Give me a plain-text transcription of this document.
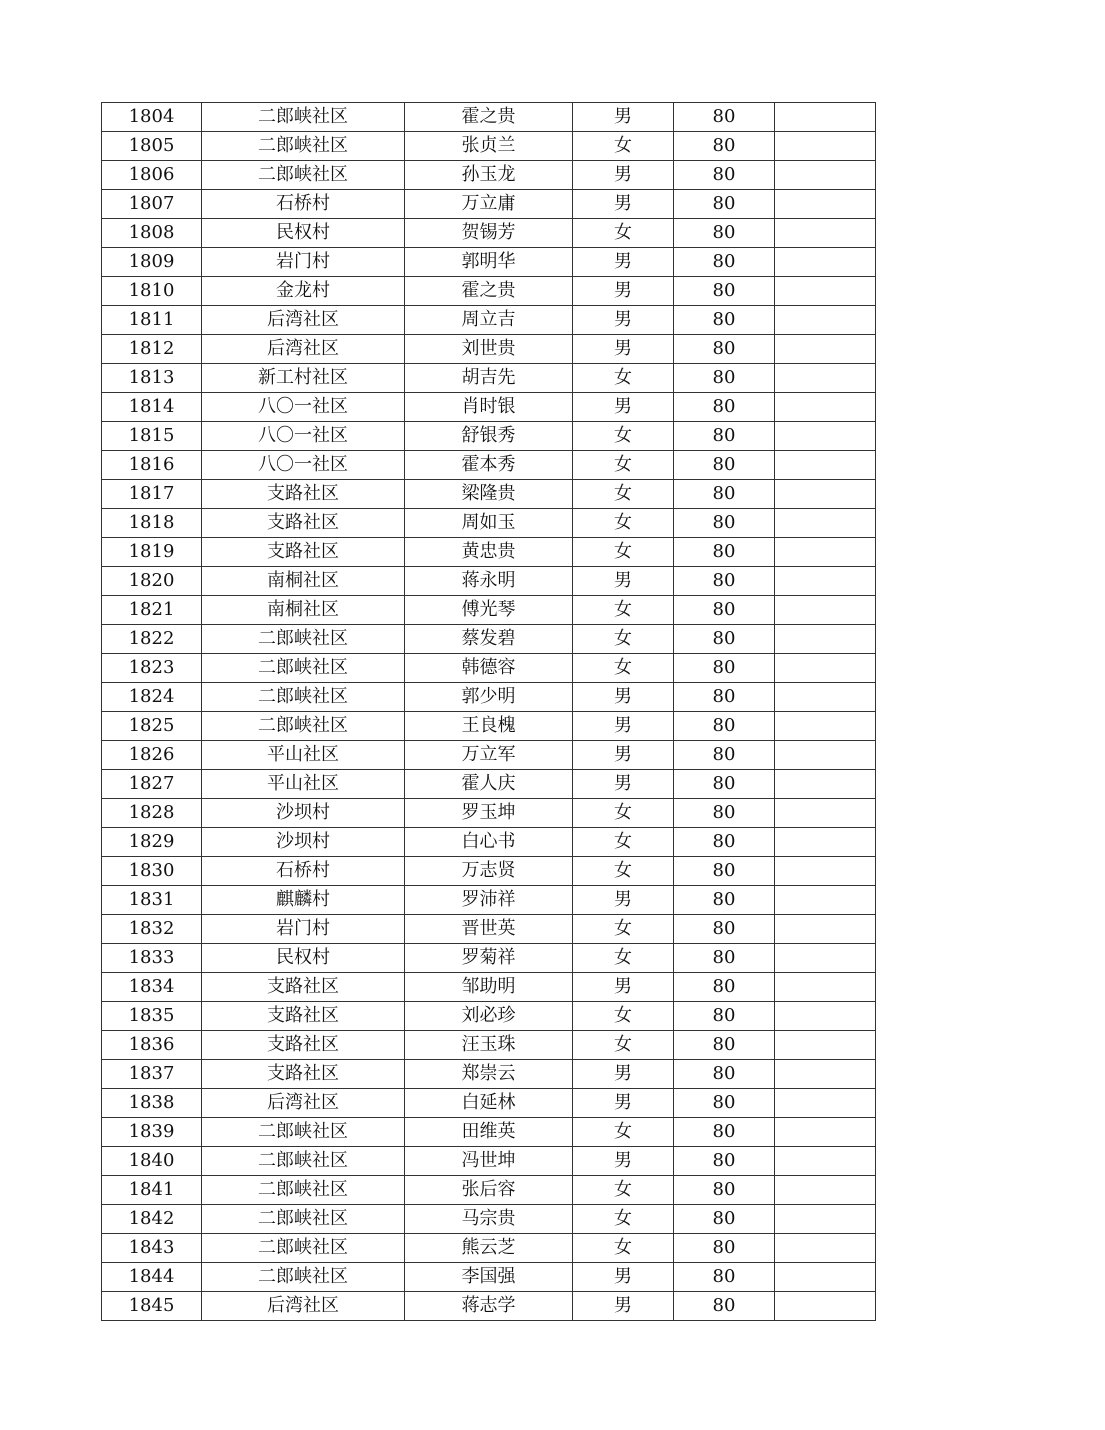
1804	二郎峡社区	霍之贵	男	80	
1805	二郎峡社区	张贞兰	女	80	
1806	二郎峡社区	孙玉龙	男	80	
1807	石桥村	万立庸	男	80	
1808	民权村	贺锡芳	女	80	
1809	岩门村	郭明华	男	80	
1810	金龙村	霍之贵	男	80	
1811	后湾社区	周立吉	男	80	
1812	后湾社区	刘世贵	男	80	
1813	新工村社区	胡吉先	女	80	
1814	八〇一社区	肖时银	男	80	
1815	八〇一社区	舒银秀	女	80	
1816	八〇一社区	霍本秀	女	80	
1817	支路社区	梁隆贵	女	80	
1818	支路社区	周如玉	女	80	
1819	支路社区	黄忠贵	女	80	
1820	南桐社区	蒋永明	男	80	
1821	南桐社区	傅光琴	女	80	
1822	二郎峡社区	蔡发碧	女	80	
1823	二郎峡社区	韩德容	女	80	
1824	二郎峡社区	郭少明	男	80	
1825	二郎峡社区	王良槐	男	80	
1826	平山社区	万立军	男	80	
1827	平山社区	霍人庆	男	80	
1828	沙坝村	罗玉坤	女	80	
1829	沙坝村	白心书	女	80	
1830	石桥村	万志贤	女	80	
1831	麒麟村	罗沛祥	男	80	
1832	岩门村	晋世英	女	80	
1833	民权村	罗菊祥	女	80	
1834	支路社区	邹助明	男	80	
1835	支路社区	刘必珍	女	80	
1836	支路社区	汪玉珠	女	80	
1837	支路社区	郑崇云	男	80	
1838	后湾社区	白延林	男	80	
1839	二郎峡社区	田维英	女	80	
1840	二郎峡社区	冯世坤	男	80	
1841	二郎峡社区	张后容	女	80	
1842	二郎峡社区	马宗贵	女	80	
1843	二郎峡社区	熊云芝	女	80	
1844	二郎峡社区	李国强	男	80	
1845	后湾社区	蒋志学	男	80	
